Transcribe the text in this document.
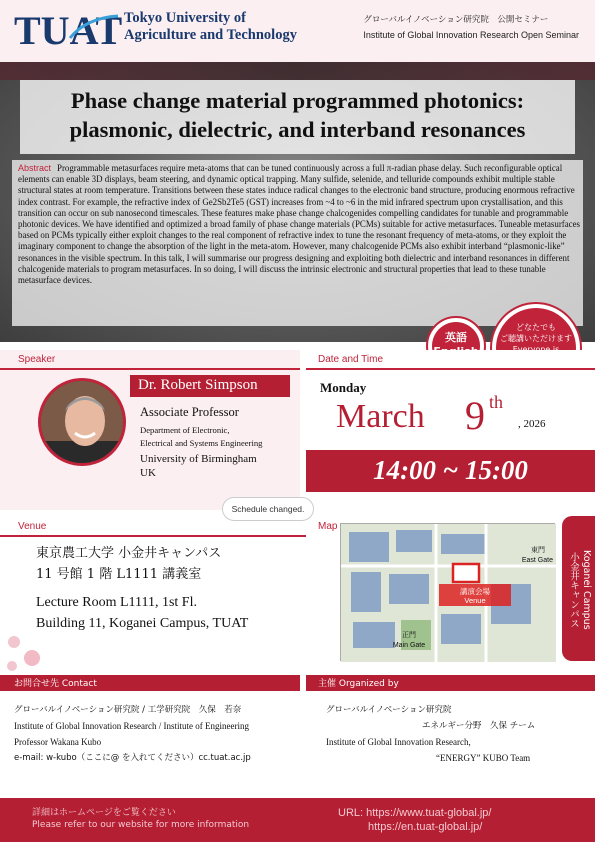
TUAT Tokyo University of
Agriculture and Technology
グローバルイノベーション研究院　公開セミナー
Institute of Global Innovation Research Open Seminar
Phase change material programmed photonics:
plasmonic, dielectric, and interband resonances
Abstract Programmable metasurfaces require meta-atoms that can be tuned continuously across a full π-radian phase delay. Such reconfigurable optical elements can enable 3D displays, beam steering, and dynamic optical trapping. Many sulfide, selenide, and telluride compounds exhibit multiple stable structural states at room temperature. Transitions between these states induce radical changes to the electronic band structure, producing enormous refractive index contrast. For example, the refractive index of Ge2Sb2Te5 (GST) increases from ~4 to ~6 in the mid infrared spectrum upon crystallisation, and this transition can occur on sub nanosecond timescales. These features make phase change chalcogenides compelling candidates for tunable and programmable photonic devices. We have identified and optimized a broad family of phase change materials (PCMs) suitable for active metasurfaces. Tuneable metasurfaces based on PCMs typically either exploit changes to the real component of refractive index to tune the resonant frequency of meta-atoms, or they exploit the imaginary component to change the absorption of the light in the meta-atom. However, many chalcogenide PCMs also exhibit interband “plasmonic-like” resonances in the visible spectrum. In this talk, I will summarise our progress designing and exploiting both dielectric and interband resonances in different chalcogenide materials to program metasurfaces. In so doing, I will discuss the intrinsic electronic and structural properties that lead to these tunable metasurface devices.
英語
どなたでも
ご聴講いただけます
Speaker
Dr. Robert Simpson
Associate Professor
Department of Electronic,
Electrical and Systems Engineering
University of Birmingham
UK
Date and Time
Monday
March 9 th
, 2026
14:00 ~ 15:00
Schedule changed.
Venue
東京農工大学 小金井キャンパス
11 号館 1 階 L1111 講義室
Lecture Room L1111, 1st Fl.
Building 11, Koganei Campus, TUAT
Map
講演会場
Venue
東門
East Gate
正門
Main Gate
Koganei Campus
小金井キャンパス
お問合せ先 Contact	主催 Organized by
グローバルイノベーション研究院 / 工学研究院　久保　若奈
Institute of Global Innovation Research / Institute of Engineering
Professor Wakana Kubo
e-mail: w-kubo（ここに@ を入れてください）cc.tuat.ac.jp
グローバルイノベーション研究院
エネルギー分野　久保 チーム
Institute of Global Innovation Research,
“ENERGY” KUBO Team
詳細はホームページをご覧ください
Please refer to our website for more information
URL: https://www.tuat-global.jp/
https://en.tuat-global.jp/
